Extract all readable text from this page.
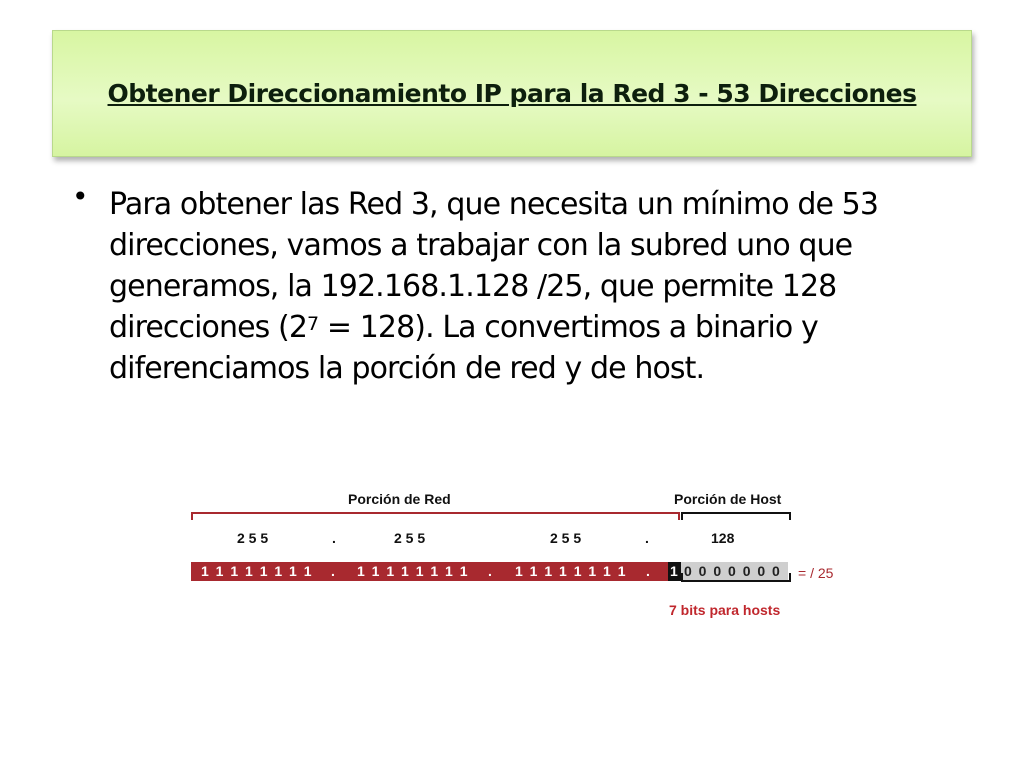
Obtener Direccionamiento IP para la Red 3 - 53 Direcciones
• Para obtener las Red 3, que necesita un mínimo de 53 direcciones, vamos a trabajar con la subred uno que generamos, la 192.168.1.128 /25, que permite 128 direcciones $(2^7 = 128)$. La convertimos a binario y diferenciamos la porción de red y de host.
Porción de Red	Porción de Host
2 5 5	.	2 5 5	2 5 5	.	128
1 1 1 1 1 1 1 1 . 1 1 1 1 1 1 1 1 . 1 1 1 1 1 1 1 1 . 1 0 0 0 0 0 0 0 = / 25
7 bits para hosts
